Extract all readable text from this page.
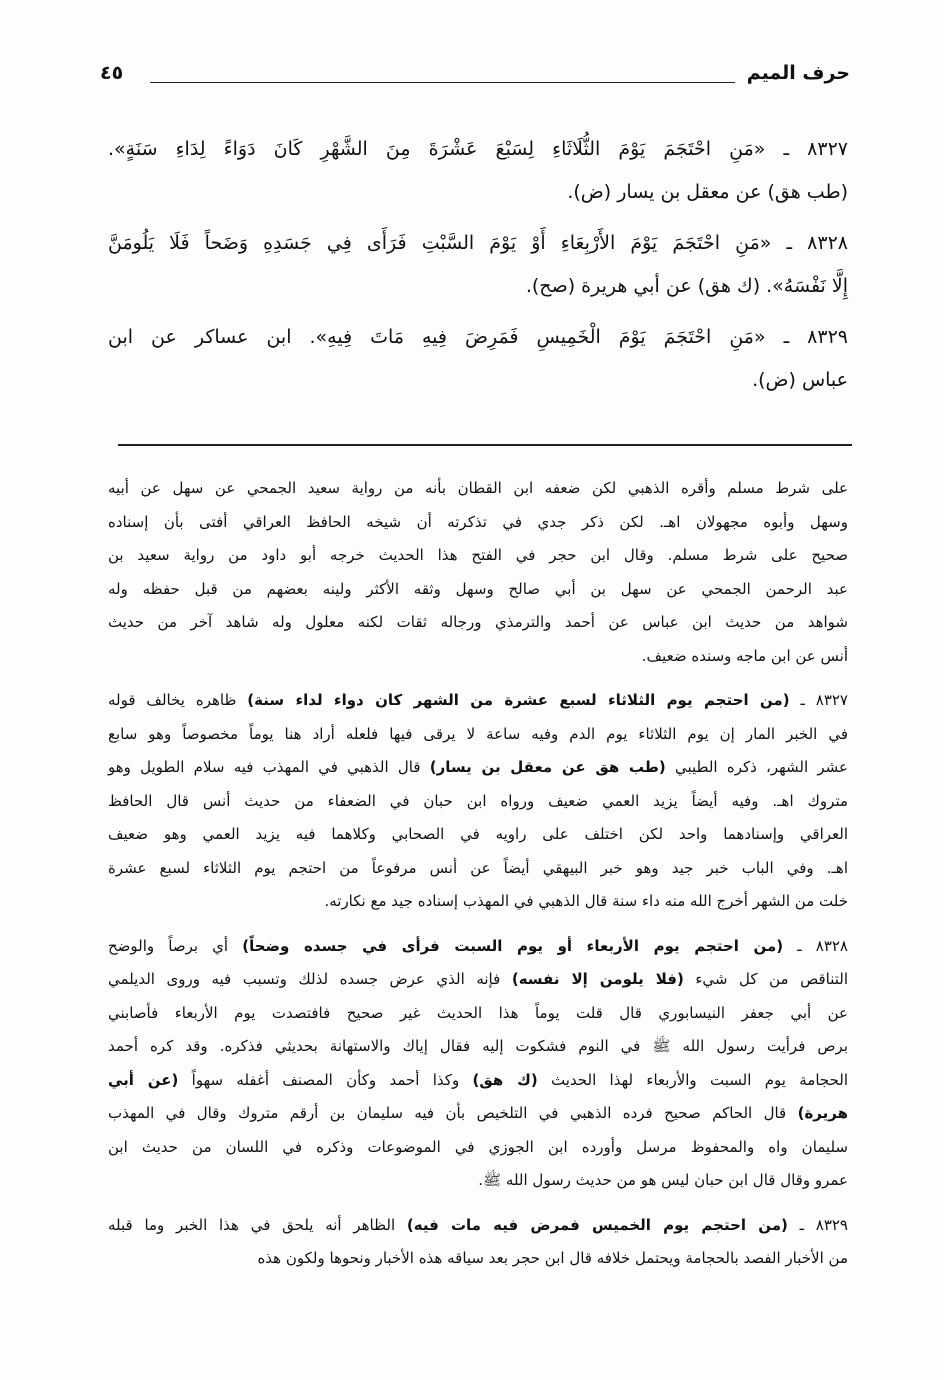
حرف الميم
٤٥
٨٣٢٧ ـ «مَنِ احْتَجَمَ يَوْمَ الثُّلَاثَاءِ لِسَبْعَ عَشْرَةَ مِنَ الشَّهْرِ كَانَ دَوَاءً لِدَاءِ سَنَةٍ».
(طب هق) عن معقل بن يسار (ض).
٨٣٢٨ ـ «مَنِ احْتَجَمَ يَوْمَ الأَرْبِعَاءِ أَوْ يَوْمَ السَّبْتِ فَرَأَى فِي جَسَدِهِ وَضَحاً فَلَا يَلُومَنَّ
إِلَّا نَفْسَهُ». (ك هق) عن أبي هريرة (صح).
٨٣٢٩ ـ «مَنِ احْتَجَمَ يَوْمَ الْخَمِيسِ فَمَرِضَ فِيهِ مَاتَ فِيهِ». ابن عساكر عن ابن
عباس (ض).
على شرط مسلم وأقره الذهبي لكن ضعفه ابن القطان بأنه من رواية سعيد الجمحي عن سهل عن أبيه
وسهل وأبوه مجهولان اهـ. لكن ذكر جدي في تذكرته أن شيخه الحافظ العراقي أفتى بأن إسناده
صحيح على شرط مسلم. وقال ابن حجر في الفتح هذا الحديث خرجه أبو داود من رواية سعيد بن
عبد الرحمن الجمحي عن سهل بن أبي صالح وسهل وثقه الأكثر ولينه بعضهم من قبل حفظه وله
شواهد من حديث ابن عباس عن أحمد والترمذي ورجاله ثقات لكنه معلول وله شاهد آخر من حديث
أنس عن ابن ماجه وسنده ضعيف.
٨٣٢٧ ـ (من احتجم يوم الثلاثاء لسبع عشرة من الشهر كان دواء لداء سنة) ظاهره يخالف قوله
في الخبر المار إن يوم الثلاثاء يوم الدم وفيه ساعة لا يرقى فيها فلعله أراد هنا يوماً مخصوصاً وهو سابع
عشر الشهر، ذكره الطيبي (طب هق عن معقل بن يسار) قال الذهبي في المهذب فيه سلام الطويل وهو
متروك اهـ. وفيه أيضاً يزيد العمي ضعيف ورواه ابن حبان في الضعفاء من حديث أنس قال الحافظ
العراقي وإسنادهما واحد لكن اختلف على راويه في الصحابي وكلاهما فيه يزيد العمي وهو ضعيف
اهـ. وفي الباب خبر جيد وهو خبر البيهقي أيضاً عن أنس مرفوعاً من احتجم يوم الثلاثاء لسبع عشرة
خلت من الشهر أخرج الله منه داء سنة قال الذهبي في المهذب إسناده جيد مع نكارته.
٨٣٢٨ ـ (من احتجم يوم الأربعاء أو يوم السبت فرأى في جسده وضحاً) أي برصاً والوضح
التناقص من كل شيء (فلا يلومن إلا نفسه) فإنه الذي عرض جسده لذلك وتسبب فيه وروى الديلمي
عن أبي جعفر النيسابوري قال قلت يوماً هذا الحديث غير صحيح فافتصدت يوم الأربعاء فأصابني
برص فرأيت رسول الله ﷺ في النوم فشكوت إليه فقال إياك والاستهانة بحديثي فذكره. وقد كره أحمد
الحجامة يوم السبت والأربعاء لهذا الحديث (ك هق) وكذا أحمد وكأن المصنف أغفله سهواً (عن أبي
هريرة) قال الحاكم صحيح فرده الذهبي في التلخيص بأن فيه سليمان بن أرقم متروك وقال في المهذب
سليمان واه والمحفوظ مرسل وأورده ابن الجوزي في الموضوعات وذكره في اللسان من حديث ابن
عمرو وقال قال ابن حبان ليس هو من حديث رسول الله ﷺ.
٨٣٢٩ ـ (من احتجم يوم الخميس فمرض فيه مات فيه) الظاهر أنه يلحق في هذا الخبر وما قبله
من الأخبار الفصد بالحجامة ويحتمل خلافه قال ابن حجر بعد سياقه هذه الأخبار ونحوها ولكون هذه
